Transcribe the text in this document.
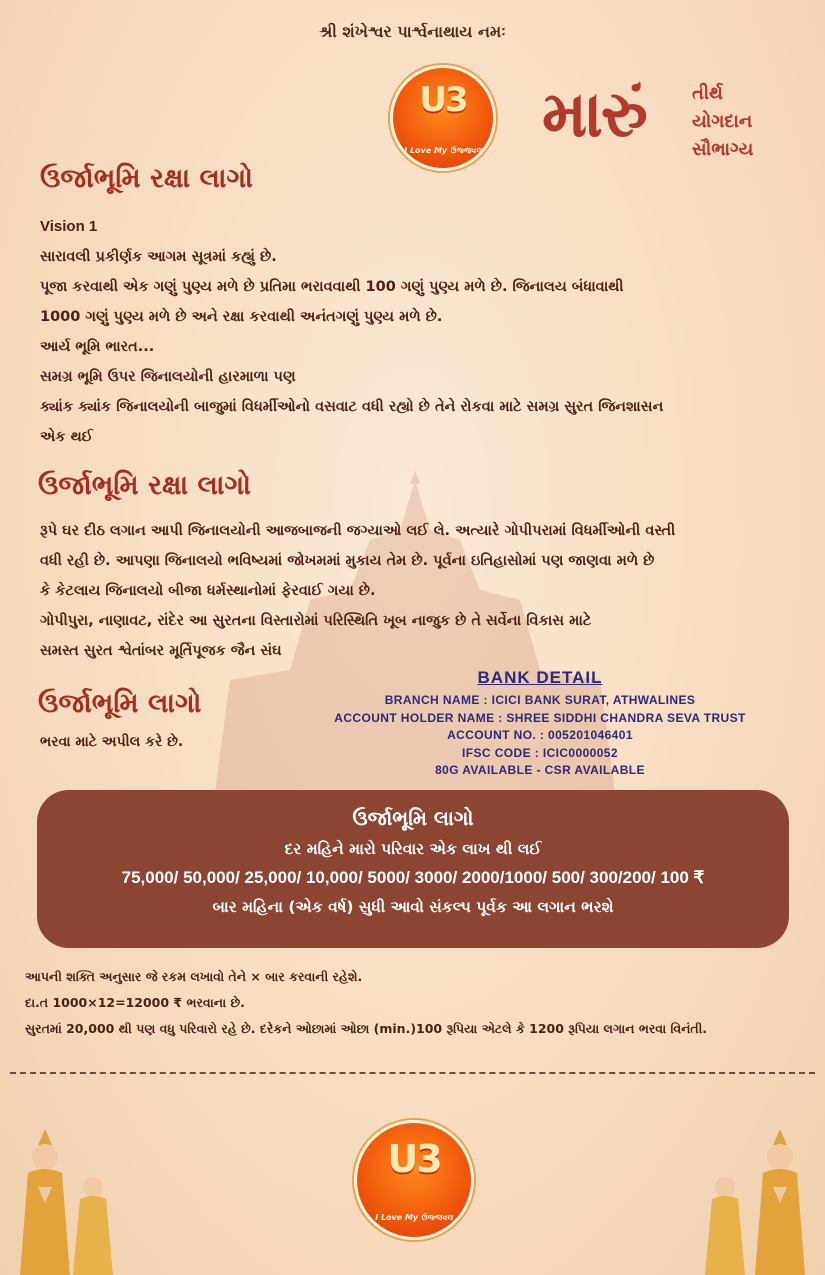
શ્રી શંખેશ્વર પાર્શ્વનાથાય નમઃ
U3
I Love My ઉજ્જવલ મારું	તીર્થ
યોગદાન
સૌભાગ્ય
ઉર્જાભૂમિ રક્ષા લાગો

Vision 1

સારાવલી પ્રકીર્ણક આગમ સૂત્રમાં કહ્યું છે.

પૂજા કરવાથી એક ગણું પુણ્ય મળે છે પ્રતિમા ભરાવવાથી 100 ગણું પુણ્ય મળે છે. જિનાલય બંધાવાથી

1000 ગણું પુણ્ય મળે છે અને રક્ષા કરવાથી અનંતગણું પુણ્ય મળે છે.

આર્ય ભૂમિ ભારત...

સમગ્ર ભૂમિ ઉપર જિનાલયોની હારમાળા પણ

ક્યાંક ક્યાંક જિનાલયોની બાજુમાં વિધર્મીઓનો વસવાટ વધી રહ્યો છે તેને રોકવા માટે સમગ્ર સુરત જિનશાસન

એક થઈ

ઉર્જાભૂમિ રક્ષા લાગો

રૂપે ઘર દીઠ લગાન આપી જિનાલયોની આજબાજની જગ્યાઓ લઈ લે. અત્યારે ગોપીપરામાં વિધર્મીઓની વસ્તી

વધી રહી છે. આપણા જિનાલયો ભવિષ્યમાં જોખમમાં મુકાય તેમ છે. પૂર્વના ઇતિહાસોમાં પણ જાણવા મળે છે

કે કેટલાય જિનાલયો બીજા ધર્મસ્થાનોમાં ફેરવાઈ ગયા છે.

ગોપીપુરા, નાણાવટ, રાંદેર આ સુરતના વિસ્તારોમાં પરિસ્થિતિ ખૂબ નાજુક છે તે સર્વેના વિકાસ માટે

સમસ્ત સુરત શ્વેતાંબર મૂર્તિપૂજક જૈન સંઘ

ઉર્જાભૂમિ લાગો
ભરવા માટે અપીલ કરે છે.
BANK DETAIL
BRANCH NAME : ICICI BANK SURAT, ATHWALINES
ACCOUNT HOLDER NAME : SHREE SIDDHI CHANDRA SEVA TRUST
ACCOUNT NO. : 005201046401
IFSC CODE : ICIC0000052
80G AVAILABLE - CSR AVAILABLE
ઉર્જાભૂમિ લાગો
દર મહિને મારો પરિવાર એક લાખ થી લઈ
75,000/ 50,000/ 25,000/ 10,000/ 5000/ 3000/ 2000/1000/ 500/ 300/200/ 100 ₹
બાર મહિના (એક વર્ષ) સુધી આવો સંકલ્પ પૂર્વક આ લગાન ભરશે

આપની શક્તિ અનુસાર જે રકમ લખાવો તેને × બાર કરવાની રહેશે.

દા.ત 1000×12=12000 ₹ ભરવાના છે.

સુરતમાં 20,000 થી પણ વધુ પરિવારો રહે છે. દરેકને ઓછામાં ઓછા (min.)100 રૂપિયા એટલે કે 1200 રૂપિયા લગાન ભરવા વિનંતી.

U3
I Love My ઉજ્જવલ
